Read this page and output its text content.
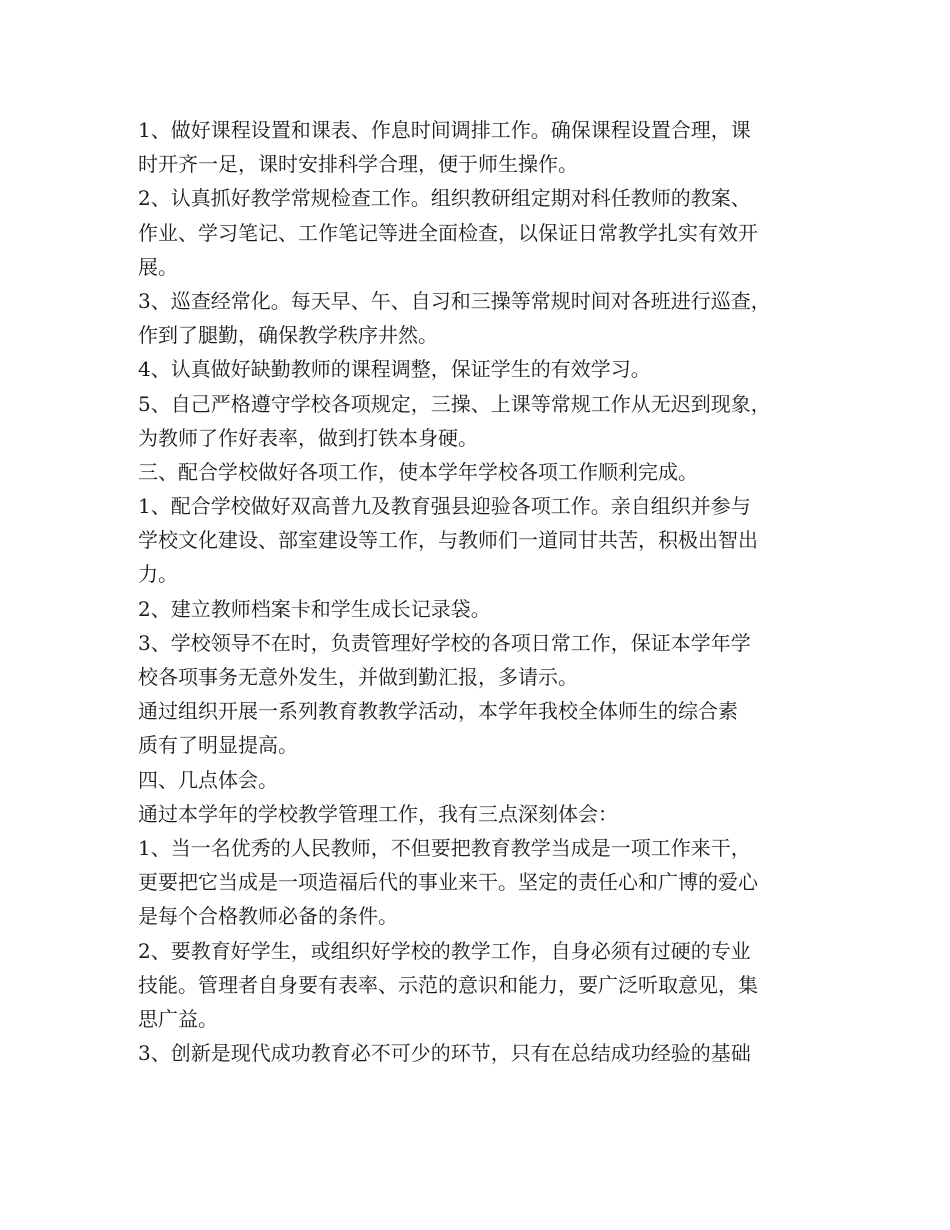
1、做好课程设置和课表、作息时间调排工作。确保课程设置合理，课
时开齐一足，课时安排科学合理，便于师生操作。
2、认真抓好教学常规检查工作。组织教研组定期对科任教师的教案、
作业、学习笔记、工作笔记等进全面检查，以保证日常教学扎实有效开
展。
3、巡查经常化。每天早、午、自习和三操等常规时间对各班进行巡查，
作到了腿勤，确保教学秩序井然。
4、认真做好缺勤教师的课程调整，保证学生的有效学习。
5、自己严格遵守学校各项规定，三操、上课等常规工作从无迟到现象，
为教师了作好表率，做到打铁本身硬。
三、配合学校做好各项工作，使本学年学校各项工作顺利完成。
1、配合学校做好双高普九及教育强县迎验各项工作。亲自组织并参与
学校文化建设、部室建设等工作，与教师们一道同甘共苦，积极出智出
力。
2、建立教师档案卡和学生成长记录袋。
3、学校领导不在时，负责管理好学校的各项日常工作，保证本学年学
校各项事务无意外发生，并做到勤汇报，多请示。
通过组织开展一系列教育教教学活动，本学年我校全体师生的综合素
质有了明显提高。
四、几点体会。
通过本学年的学校教学管理工作，我有三点深刻体会：
1、当一名优秀的人民教师，不但要把教育教学当成是一项工作来干，
更要把它当成是一项造福后代的事业来干。坚定的责任心和广博的爱心
是每个合格教师必备的条件。
2、要教育好学生，或组织好学校的教学工作，自身必须有过硬的专业
技能。管理者自身要有表率、示范的意识和能力，要广泛听取意见，集
思广益。
3、创新是现代成功教育必不可少的环节，只有在总结成功经验的基础
